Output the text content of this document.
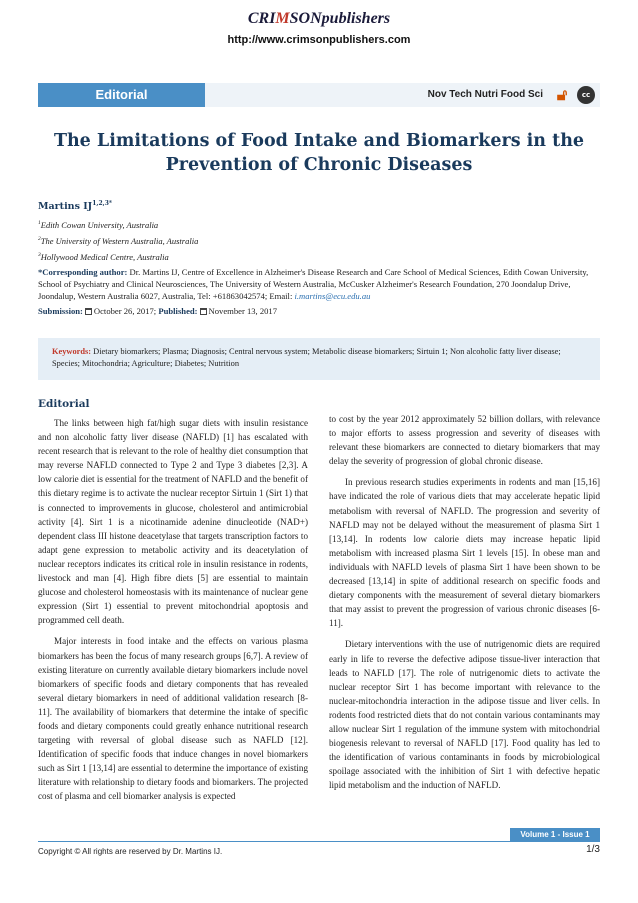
CRIMSONpublishers
http://www.crimsonpublishers.com
Editorial	Nov Tech Nutri Food Sci 🔓︎	cc
The Limitations of Food Intake and Biomarkers in the Prevention of Chronic Diseases
Martins $IJ^{1,2,3*}$
$^1$Edith Cowan University, Australia
$^2$The University of Western Australia, Australia
$^3$Hollywood Medical Centre, Australia
*Corresponding author: Dr. Martins IJ, Centre of Excellence in Alzheimer's Disease Research and Care School of Medical Sciences, Edith Cowan University, School of Psychiatry and Clinical Neurosciences, The University of Western Australia, McCusker Alzheimer's Research Foundation, 270 Joondalup Drive, Joondalup, Western Australia 6027, Australia, Tel: +61863042574; Email: i.martins@ecu.edu.au
Submission: October 26, 2017; Published: November 13, 2017
Keywords: Dietary biomarkers; Plasma; Diagnosis; Central nervous system; Metabolic disease biomarkers; Sirtuin 1; Non alcoholic fatty liver disease; Species; Mitochondria; Agriculture; Diabetes; Nutrition
Editorial

The links between high fat/high sugar diets with insulin resistance and non alcoholic fatty liver disease (NAFLD) [1] has escalated with recent research that is relevant to the role of healthy diet consumption that may reverse NAFLD connected to Type 2 and Type 3 diabetes [2,3]. A low calorie diet is essential for the treatment of NAFLD and the benefit of this dietary regime is to activate the nuclear receptor Sirtuin 1 (Sirt 1) that is connected to improvements in glucose, cholesterol and antimicrobial activity [4]. Sirt 1 is a nicotinamide adenine dinucleotide (NAD+) dependent class III histone deacetylase that targets transcription factors to adapt gene expression to metabolic activity and its deacetylation of nuclear receptors indicates its critical role in insulin resistance in rodents, livestock and man [4]. High fibre diets [5] are essential to maintain glucose and cholesterol homeostasis with its maintenance of nuclear gene expression (Sirt 1) essential to prevent mitochondrial apoptosis and programmed cell death.

Major interests in food intake and the effects on various plasma biomarkers has been the focus of many research groups [6,7]. A review of existing literature on currently available dietary biomarkers include novel biomarkers of specific foods and dietary components that has revealed several dietary biomarkers in need of additional validation research [8-11]. The availability of biomarkers that determine the intake of specific foods and dietary components could greatly enhance nutritional research targeting with reversal of global disease such as NAFLD [12]. Identification of specific foods that induce changes in novel biomarkers such as Sirt 1 [13,14] are essential to determine the importance of existing literature with relationship to dietary foods and biomarkers. The projected cost of plasma and cell biomarker analysis is expected

to cost by the year 2012 approximately 52 billion dollars, with relevance to major efforts to assess progression and severity of diseases with relevant these biomarkers are connected to dietary biomarkers that may delay the severity of progression of global chronic disease.

In previous research studies experiments in rodents and man [15,16] have indicated the role of various diets that may accelerate hepatic lipid metabolism with reversal of NAFLD. The progression and severity of NAFLD may not be delayed without the measurement of plasma Sirt 1 [13,14]. In rodents low calorie diets may increase hepatic lipid metabolism with increased plasma Sirt 1 levels [15]. In obese man and individuals with NAFLD levels of plasma Sirt 1 have been shown to be decreased [13,14] in spite of additional research on specific foods and dietary components with the measurement of several dietary biomarkers that may assist to prevent the progression of various chronic diseases [6-11].

Dietary interventions with the use of nutrigenomic diets are required early in life to reverse the defective adipose tissue-liver interaction that leads to NAFLD [17]. The role of nutrigenomic diets to activate the nuclear receptor Sirt 1 has become important with relevance to the nuclear-mitochondria interaction in the adipose tissue and liver cells. In rodents food restricted diets that do not contain various contaminants may allow nuclear Sirt 1 regulation of the immune system with mitochondrial biogenesis relevant to reversal of NAFLD [17]. Food quality has led to the identification of various contaminants in foods by microbiological spoilage associated with the inhibition of Sirt 1 with defective hepatic lipid metabolism and the induction of NAFLD.

Volume 1 - Issue 1
Copyright © All rights are reserved by Dr. Martins IJ.	1/3
